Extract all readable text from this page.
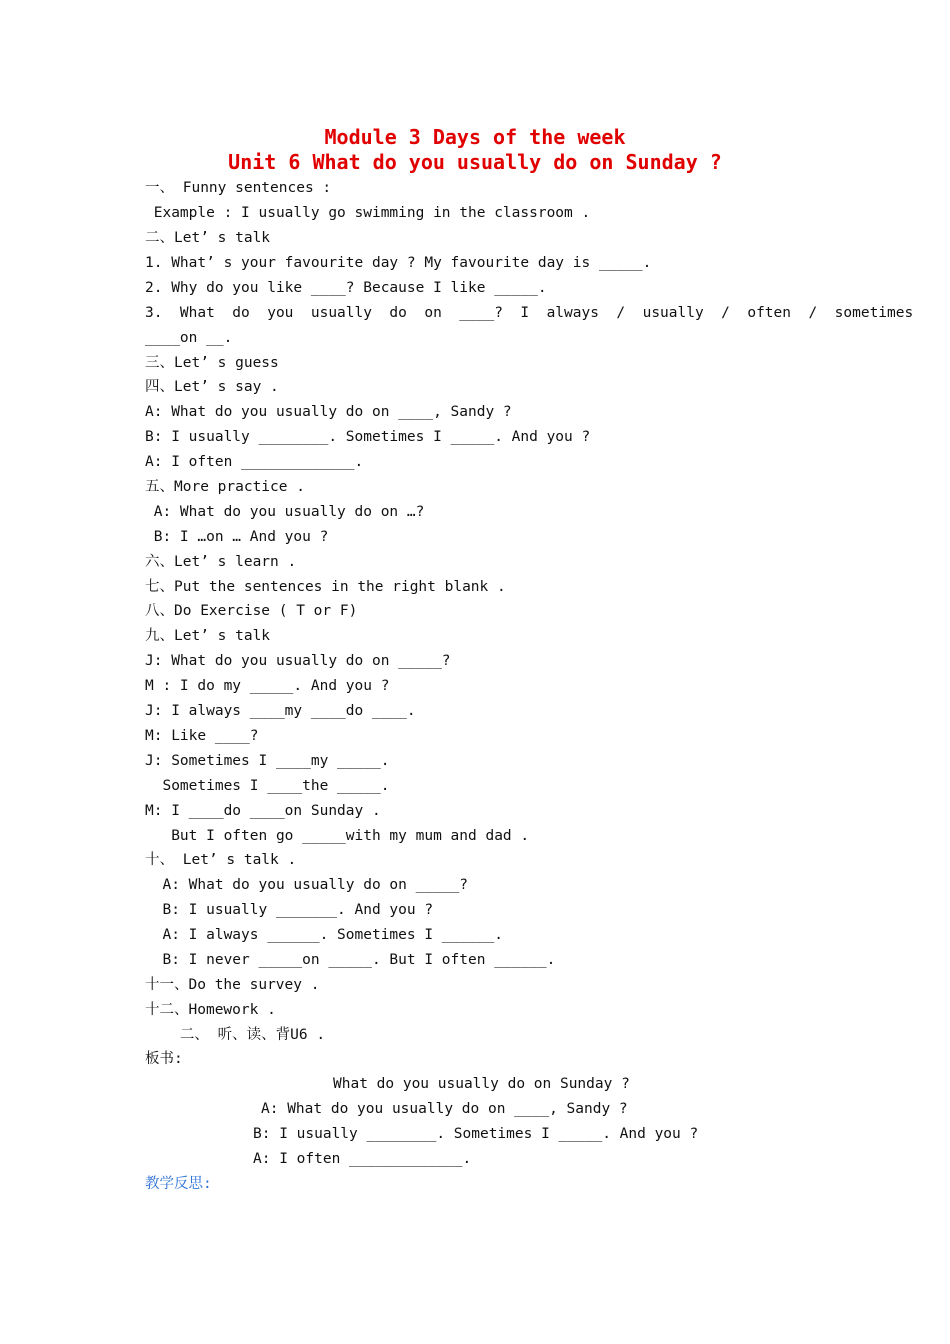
Module 3 Days of the week
Unit 6 What do you usually do on Sunday ?
一、 Funny sentences :
Example : I usually go swimming in the classroom .
二、Let’ s talk
1. What’ s your favourite day ? My favourite day is _____.
2. Why do you like ____? Because I like _____.
3.  What  do  you  usually  do  on  ____?  I  always  /  usually  /  often  /  sometimes
____on __.
三、Let’ s guess
四、Let’ s say .
A: What do you usually do on ____, Sandy ?
B: I usually ________. Sometimes I _____. And you ?
A: I often _____________.
五、More practice .
A: What do you usually do on …?
B: I …on … And you ?
六、Let’ s learn .
七、Put the sentences in the right blank .
八、Do Exercise ( T or F)
九、Let’ s talk
J: What do you usually do on _____?
M : I do my _____. And you ?
J: I always ____my ____do ____.
M: Like ____?
J: Sometimes I ____my _____.
Sometimes I ____the _____.
M: I ____do ____on Sunday .
But I often go _____with my mum and dad .
十、 Let’ s talk .
A: What do you usually do on _____?
B: I usually _______. And you ?
A: I always ______. Sometimes I ______.
B: I never _____on _____. But I often ______.
十一、Do the survey .
十二、Homework .
二、 听、读、背U6 .
板书:
What do you usually do on Sunday ?
A: What do you usually do on ____, Sandy ?
B: I usually ________. Sometimes I _____. And you ?
A: I often _____________.
教学反思:
